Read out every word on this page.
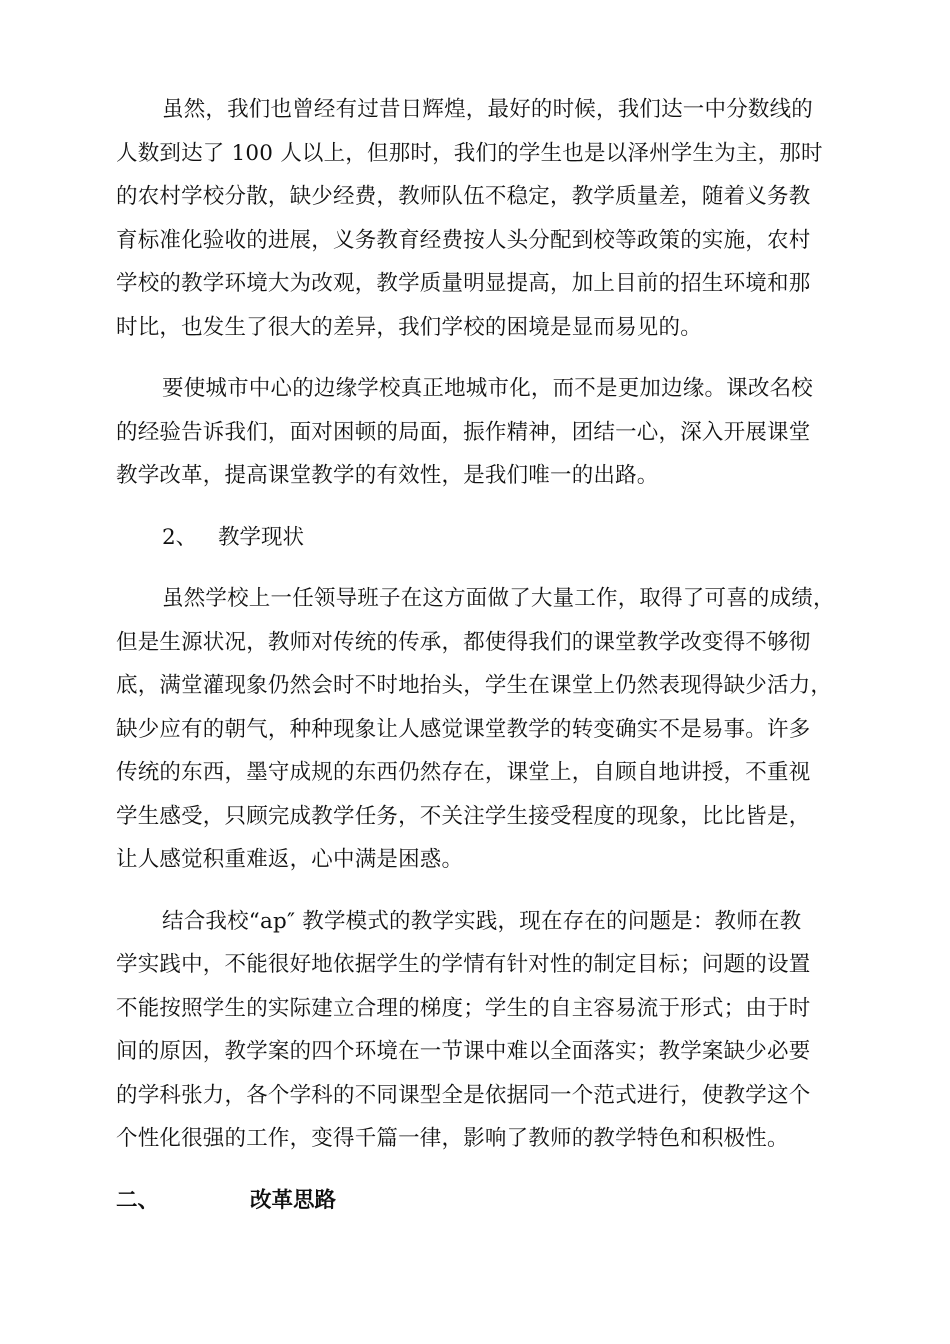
虽然，我们也曾经有过昔日辉煌，最好的时候，我们达一中分数线的
人数到达了 100 人以上，但那时，我们的学生也是以泽州学生为主，那时
的农村学校分散，缺少经费，教师队伍不稳定，教学质量差，随着义务教
育标准化验收的进展，义务教育经费按人头分配到校等政策的实施，农村
学校的教学环境大为改观，教学质量明显提高，加上目前的招生环境和那
时比，也发生了很大的差异，我们学校的困境是显而易见的。

要使城市中心的边缘学校真正地城市化，而不是更加边缘。课改名校
的经验告诉我们，面对困顿的局面，振作精神，团结一心，深入开展课堂
教学改革，提高课堂教学的有效性，是我们唯一的出路。

2、 教学现状

虽然学校上一任领导班子在这方面做了大量工作，取得了可喜的成绩，
但是生源状况，教师对传统的传承，都使得我们的课堂教学改变得不够彻
底，满堂灌现象仍然会时不时地抬头，学生在课堂上仍然表现得缺少活力，
缺少应有的朝气，种种现象让人感觉课堂教学的转变确实不是易事。许多
传统的东西，墨守成规的东西仍然存在，课堂上，自顾自地讲授，不重视
学生感受，只顾完成教学任务，不关注学生接受程度的现象，比比皆是，
让人感觉积重难返，心中满是困惑。

结合我校“ap″ 教学模式的教学实践，现在存在的问题是：教师在教
学实践中，不能很好地依据学生的学情有针对性的制定目标；问题的设置
不能按照学生的实际建立合理的梯度；学生的自主容易流于形式；由于时
间的原因，教学案的四个环境在一节课中难以全面落实；教学案缺少必要
的学科张力，各个学科的不同课型全是依据同一个范式进行，使教学这个
个性化很强的工作，变得千篇一律，影响了教师的教学特色和积极性。

二、	改革思路
